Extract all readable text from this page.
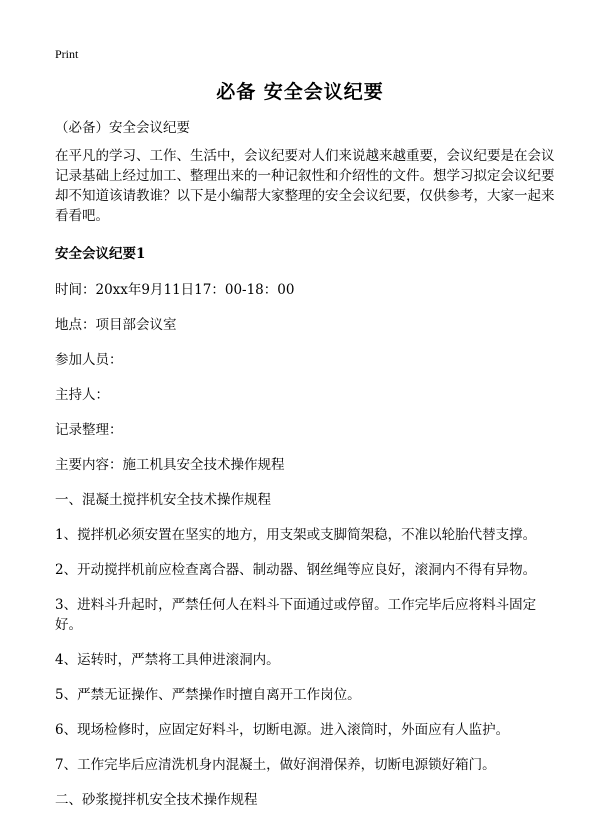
Print
必备 安全会议纪要

（必备）安全会议纪要

在平凡的学习、工作、生活中，会议纪要对人们来说越来越重要，会议纪要是在会议记录基础上经过加工、整理出来的一种记叙性和介绍性的文件。想学习拟定会议纪要却不知道该请教谁？以下是小编帮大家整理的安全会议纪要，仅供参考，大家一起来看看吧。

安全会议纪要1

时间：20xx年9月11日17：00-18：00

地点：项目部会议室

参加人员：

主持人：

记录整理：

主要内容：施工机具安全技术操作规程

一、混凝土搅拌机安全技术操作规程

1、搅拌机必须安置在坚实的地方，用支架或支脚简架稳，不准以轮胎代替支撑。

2、开动搅拌机前应检查离合器、制动器、钢丝绳等应良好，滚洞内不得有异物。

3、进料斗升起时，严禁任何人在料斗下面通过或停留。工作完毕后应将料斗固定好。

4、运转时，严禁将工具伸进滚洞内。

5、严禁无证操作、严禁操作时擅自离开工作岗位。

6、现场检修时，应固定好料斗，切断电源。进入滚筒时，外面应有人监护。

7、工作完毕后应清洗机身内混凝土，做好润滑保养，切断电源锁好箱门。

二、砂浆搅拌机安全技术操作规程
